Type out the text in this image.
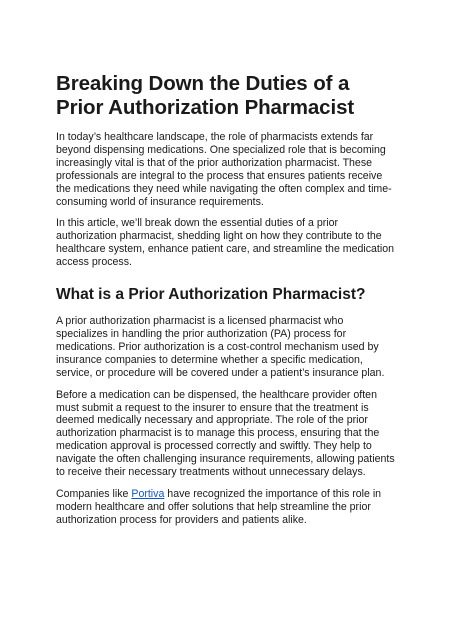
Breaking Down the Duties of a Prior Authorization Pharmacist

In today’s healthcare landscape, the role of pharmacists extends far beyond dispensing medications. One specialized role that is becoming increasingly vital is that of the prior authorization pharmacist. These professionals are integral to the process that ensures patients receive the medications they need while navigating the often complex and time-consuming world of insurance requirements.

In this article, we’ll break down the essential duties of a prior authorization pharmacist, shedding light on how they contribute to the healthcare system, enhance patient care, and streamline the medication access process.

What is a Prior Authorization Pharmacist?

A prior authorization pharmacist is a licensed pharmacist who specializes in handling the prior authorization (PA) process for medications. Prior authorization is a cost-control mechanism used by insurance companies to determine whether a specific medication, service, or procedure will be covered under a patient’s insurance plan.

Before a medication can be dispensed, the healthcare provider often must submit a request to the insurer to ensure that the treatment is deemed medically necessary and appropriate. The role of the prior authorization pharmacist is to manage this process, ensuring that the medication approval is processed correctly and swiftly. They help to navigate the often challenging insurance requirements, allowing patients to receive their necessary treatments without unnecessary delays.

Companies like Portiva have recognized the importance of this role in modern healthcare and offer solutions that help streamline the prior authorization process for providers and patients alike.
